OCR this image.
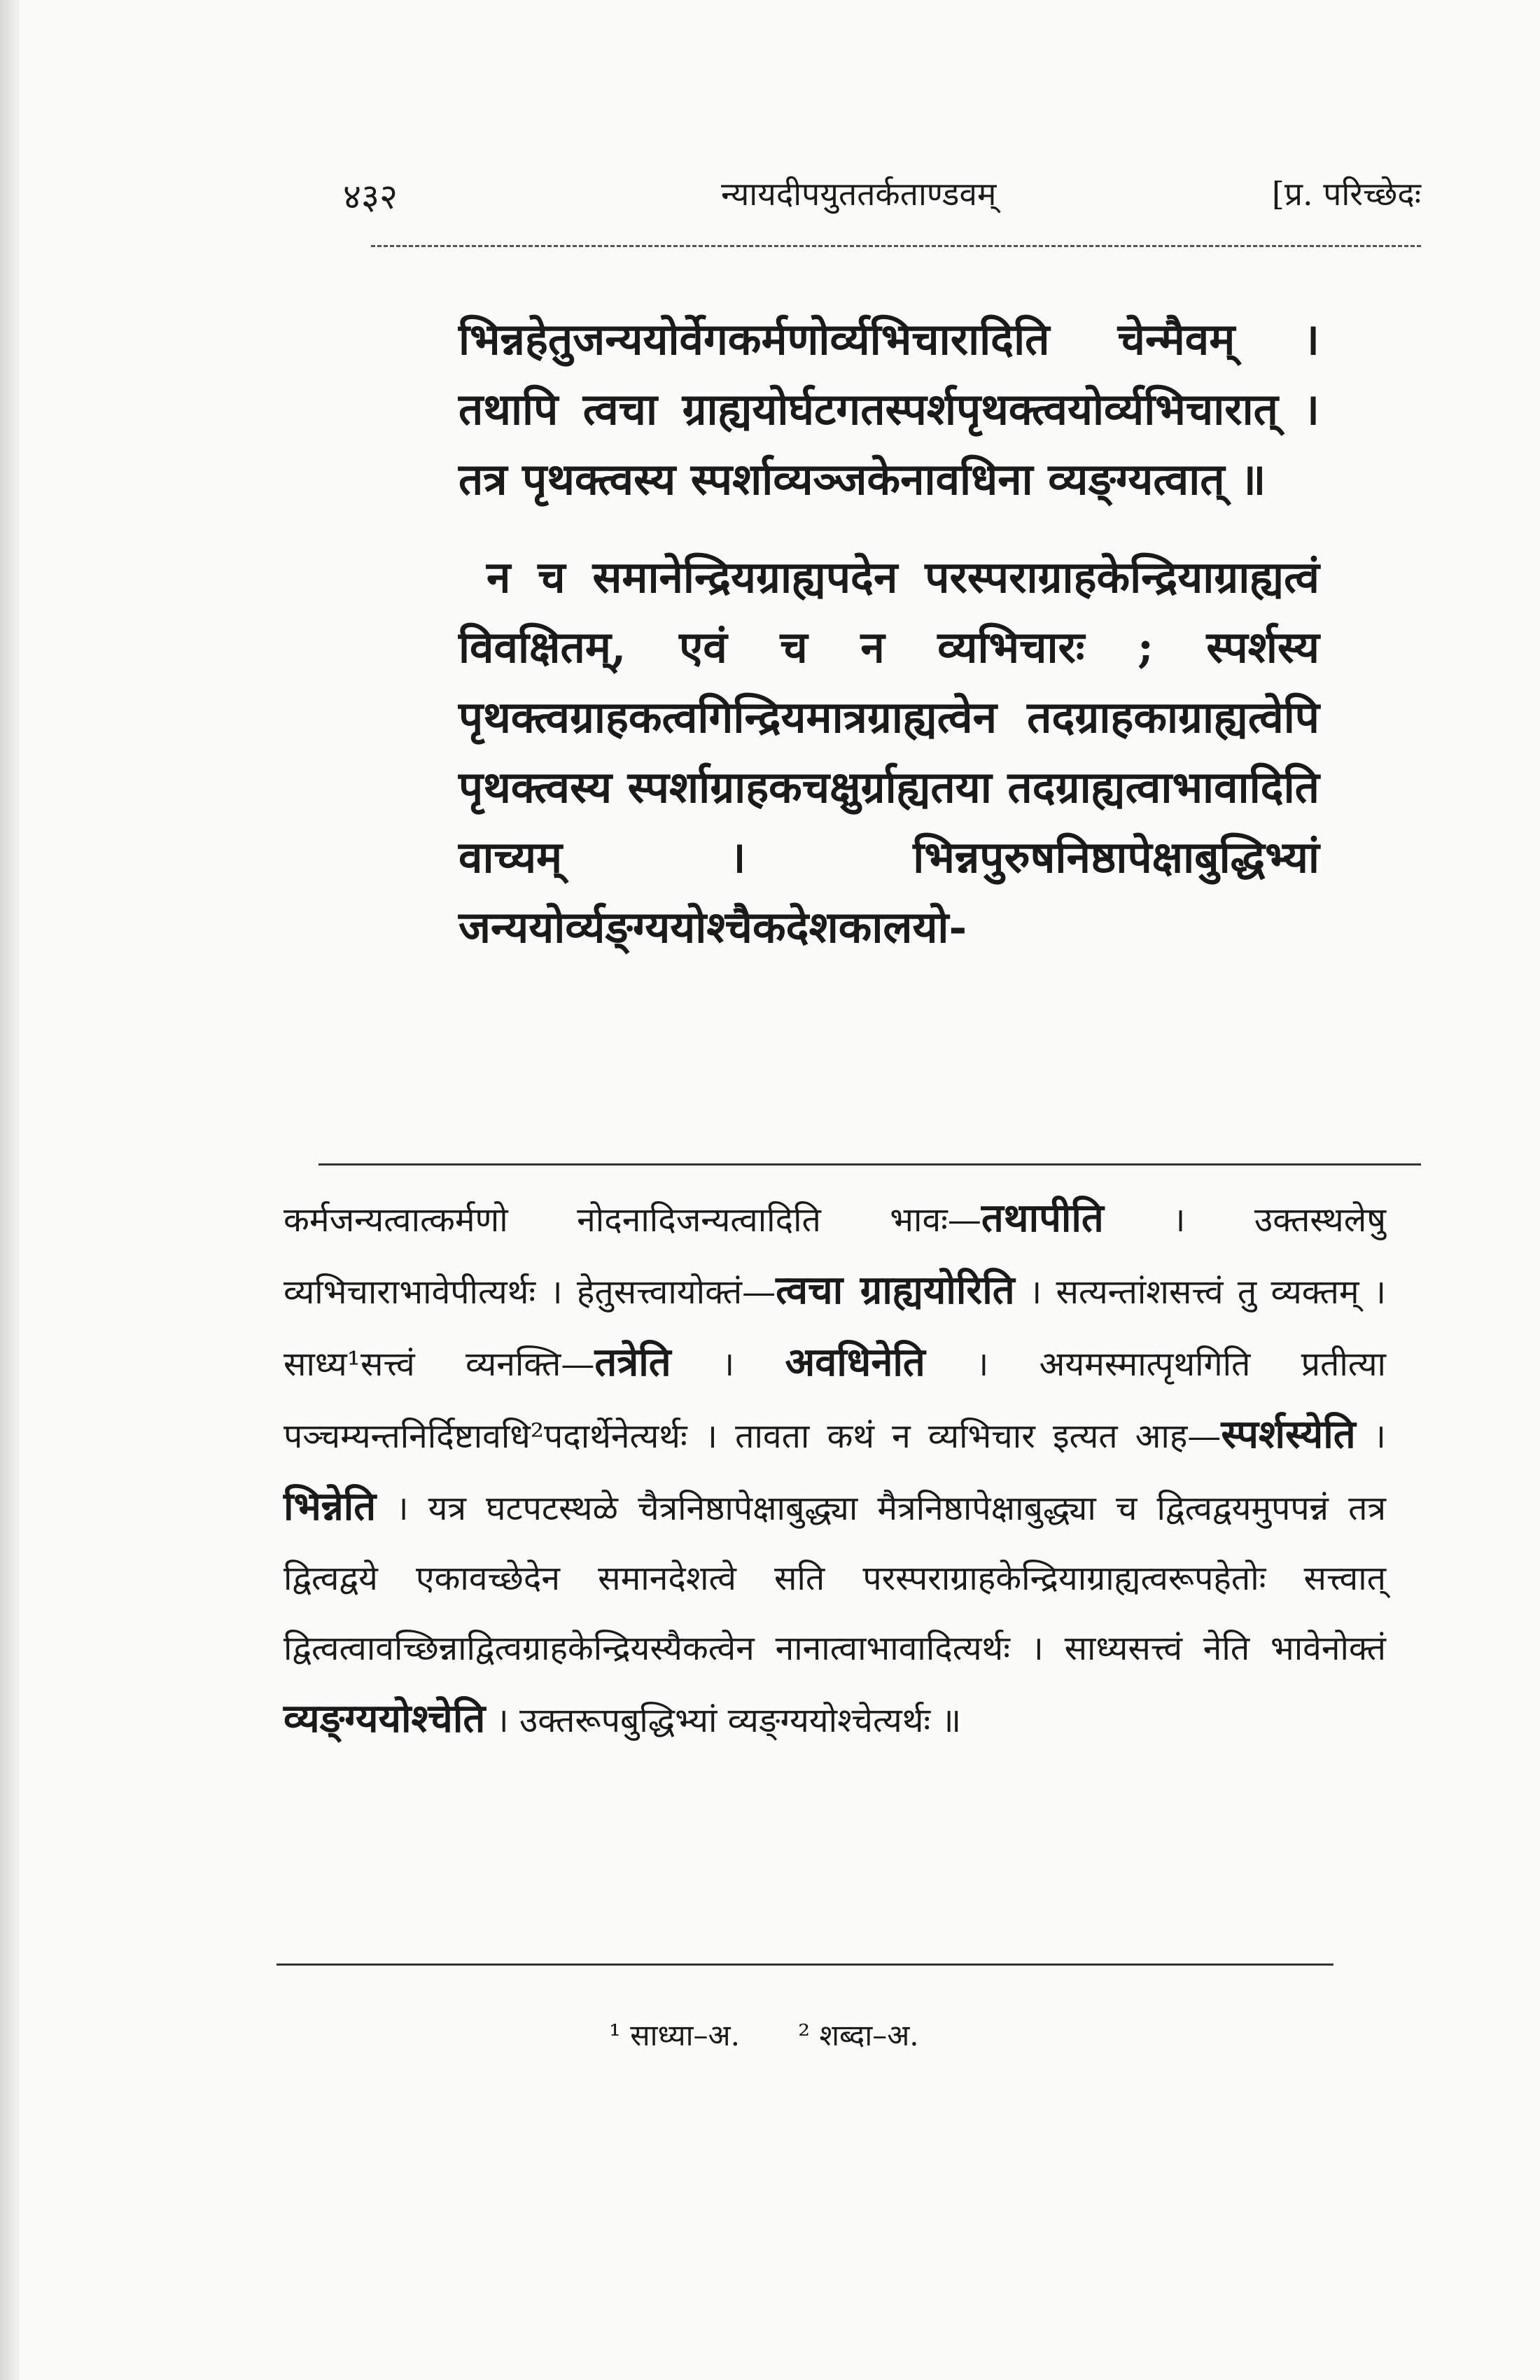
४३२	न्यायदीपयुततर्कताण्डवम्	[प्र. परिच्छेदः

भिन्नहेतुजन्ययोर्वेगकर्मणोर्व्यभिचारादिति चेन्मैवम् । तथापि त्वचा ग्राह्ययोर्घटगतस्पर्शपृथक्त्वयोर्व्यभिचारात् । तत्र पृथक्त्वस्य स्पर्शाव्यञ्जकेनावधिना व्यङ्ग्यत्वात् ॥

न च समानेन्द्रियग्राह्यपदेन परस्पराग्राहकेन्द्रियाग्राह्यत्वं विवक्षितम्, एवं च न व्यभिचारः ; स्पर्शस्य पृथक्त्वग्राहकत्वगिन्द्रियमात्रग्राह्यत्वेन तदग्राहकाग्राह्यत्वेपि पृथक्त्वस्य स्पर्शाग्राहकचक्षुर्ग्राह्यतया तदग्राह्यत्वाभावादिति वाच्यम् । भिन्नपुरुषनिष्ठापेक्षाबुद्धिभ्यां जन्ययोर्व्यङ्ग्ययोश्चैकदेशकालयो-

कर्मजन्यत्वात्कर्मणो नोदनादिजन्यत्वादिति भावः—तथापीति । उक्तस्थलेषु व्यभिचाराभावेपीत्यर्थः । हेतुसत्त्वायोक्तं—त्वचा ग्राह्ययोरिति । सत्यन्तांशसत्त्वं तु व्यक्तम् । साध्य¹सत्त्वं व्यनक्ति—तत्रेति । अवधिनेति । अयमस्मात्पृथगिति प्रतीत्या पञ्चम्यन्तनिर्दिष्टावधि²पदार्थेनेत्यर्थः । तावता कथं न व्यभिचार इत्यत आह—स्पर्शस्येति । भिन्नेति । यत्र घटपटस्थळे चैत्रनिष्ठापेक्षाबुद्ध्या मैत्रनिष्ठापेक्षाबुद्ध्या च द्वित्वद्वयमुपपन्नं तत्र द्वित्वद्वये एकावच्छेदेन समानदेशत्वे सति परस्पराग्राहकेन्द्रियाग्राह्यत्वरूपहेतोः सत्त्वात् द्वित्वत्वावच्छिन्नाद्वित्वग्राहकेन्द्रियस्यैकत्वेन नानात्वाभावादित्यर्थः । साध्यसत्त्वं नेति भावेनोक्तं व्यङ्ग्ययोश्चेति । उक्तरूपबुद्धिभ्यां व्यङ्ग्ययोश्चेत्यर्थः ॥

¹ साध्या–अ. ² शब्दा–अ.
